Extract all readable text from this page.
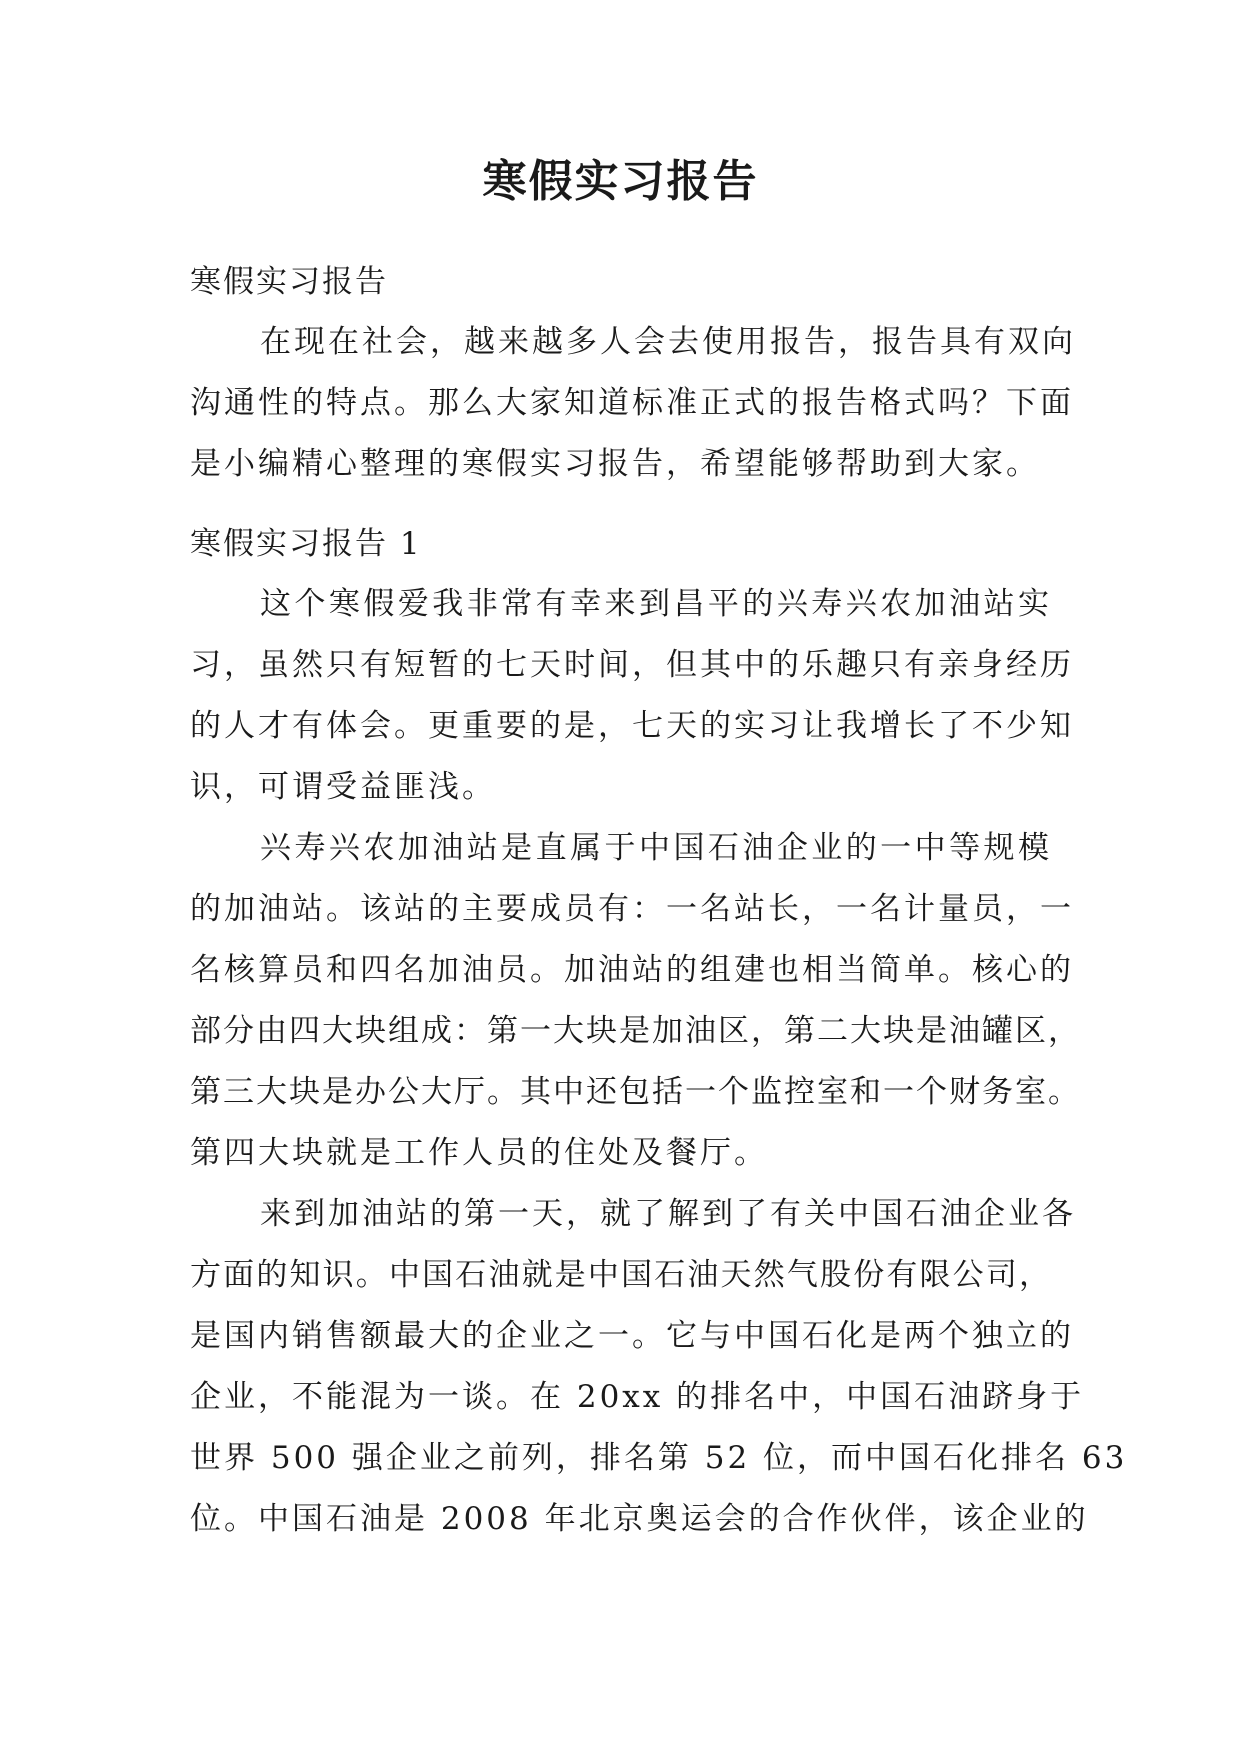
寒假实习报告

寒假实习报告

在现在社会，越来越多人会去使用报告，报告具有双向
沟通性的特点。那么大家知道标准正式的报告格式吗？下面
是小编精心整理的寒假实习报告，希望能够帮助到大家。

寒假实习报告 1

这个寒假爱我非常有幸来到昌平的兴寿兴农加油站实
习，虽然只有短暂的七天时间，但其中的乐趣只有亲身经历
的人才有体会。更重要的是，七天的实习让我增长了不少知
识，可谓受益匪浅。
兴寿兴农加油站是直属于中国石油企业的一中等规模
的加油站。该站的主要成员有：一名站长，一名计量员，一
名核算员和四名加油员。加油站的组建也相当简单。核心的
部分由四大块组成：第一大块是加油区，第二大块是油罐区，
第三大块是办公大厅。其中还包括一个监控室和一个财务室。
第四大块就是工作人员的住处及餐厅。
来到加油站的第一天，就了解到了有关中国石油企业各
方面的知识。中国石油就是中国石油天然气股份有限公司，
是国内销售额最大的企业之一。它与中国石化是两个独立的
企业，不能混为一谈。在 20xx 的排名中，中国石油跻身于
世界 500 强企业之前列，排名第 52 位，而中国石化排名 63
位。中国石油是 2008 年北京奥运会的合作伙伴，该企业的
